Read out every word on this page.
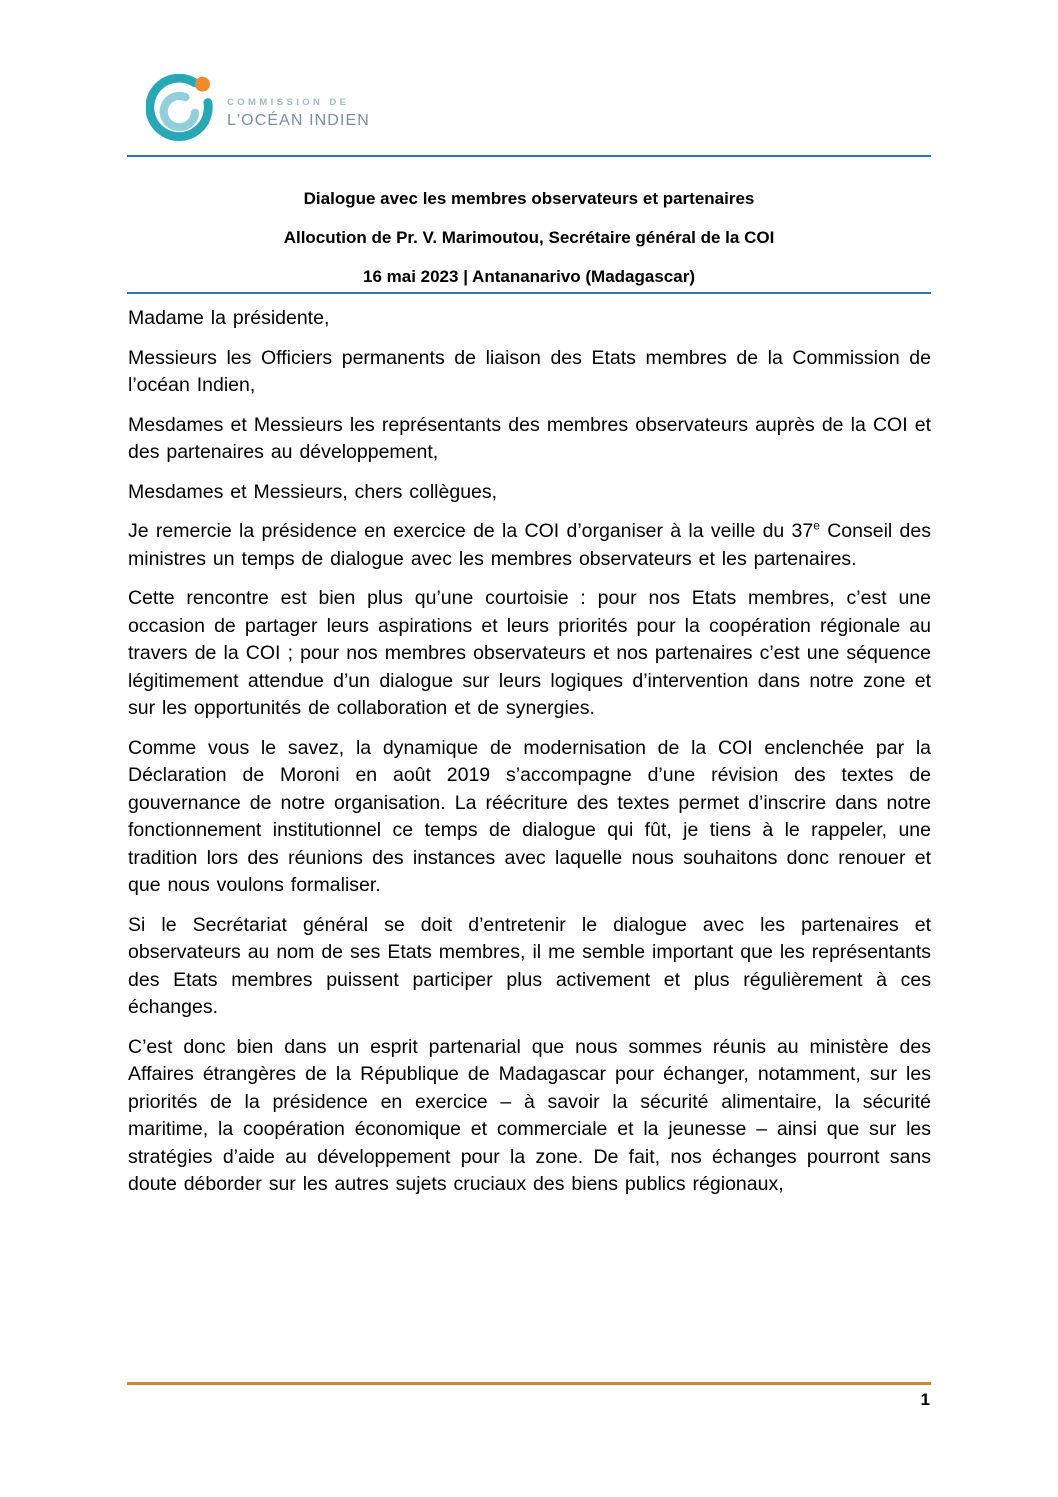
COMMISSION DE
L'OCÉAN INDIEN
Dialogue avec les membres observateurs et partenaires
Allocution de Pr. V. Marimoutou, Secrétaire général de la COI
16 mai 2023 | Antananarivo (Madagascar)

Madame la présidente,

Messieurs les Officiers permanents de liaison des Etats membres de la Commission de l’océan Indien,

Mesdames et Messieurs les représentants des membres observateurs auprès de la COI et des partenaires au développement,

Mesdames et Messieurs, chers collègues,

Je remercie la présidence en exercice de la COI d’organiser à la veille du 37e Conseil des ministres un temps de dialogue avec les membres observateurs et les partenaires.

Cette rencontre est bien plus qu’une courtoisie : pour nos Etats membres, c’est une occasion de partager leurs aspirations et leurs priorités pour la coopération régionale au travers de la COI ; pour nos membres observateurs et nos partenaires c’est une séquence légitimement attendue d’un dialogue sur leurs logiques d’intervention dans notre zone et sur les opportunités de collaboration et de synergies.

Comme vous le savez, la dynamique de modernisation de la COI enclenchée par la Déclaration de Moroni en août 2019 s’accompagne d’une révision des textes de gouvernance de notre organisation. La réécriture des textes permet d’inscrire dans notre fonctionnement institutionnel ce temps de dialogue qui fût, je tiens à le rappeler, une tradition lors des réunions des instances avec laquelle nous souhaitons donc renouer et que nous voulons formaliser.

Si le Secrétariat général se doit d’entretenir le dialogue avec les partenaires et observateurs au nom de ses Etats membres, il me semble important que les représentants des Etats membres puissent participer plus activement et plus régulièrement à ces échanges.

C’est donc bien dans un esprit partenarial que nous sommes réunis au ministère des Affaires étrangères de la République de Madagascar pour échanger, notamment, sur les priorités de la présidence en exercice – à savoir la sécurité alimentaire, la sécurité maritime, la coopération économique et commerciale et la jeunesse – ainsi que sur les stratégies d’aide au développement pour la zone. De fait, nos échanges pourront sans doute déborder sur les autres sujets cruciaux des biens publics régionaux,

1
